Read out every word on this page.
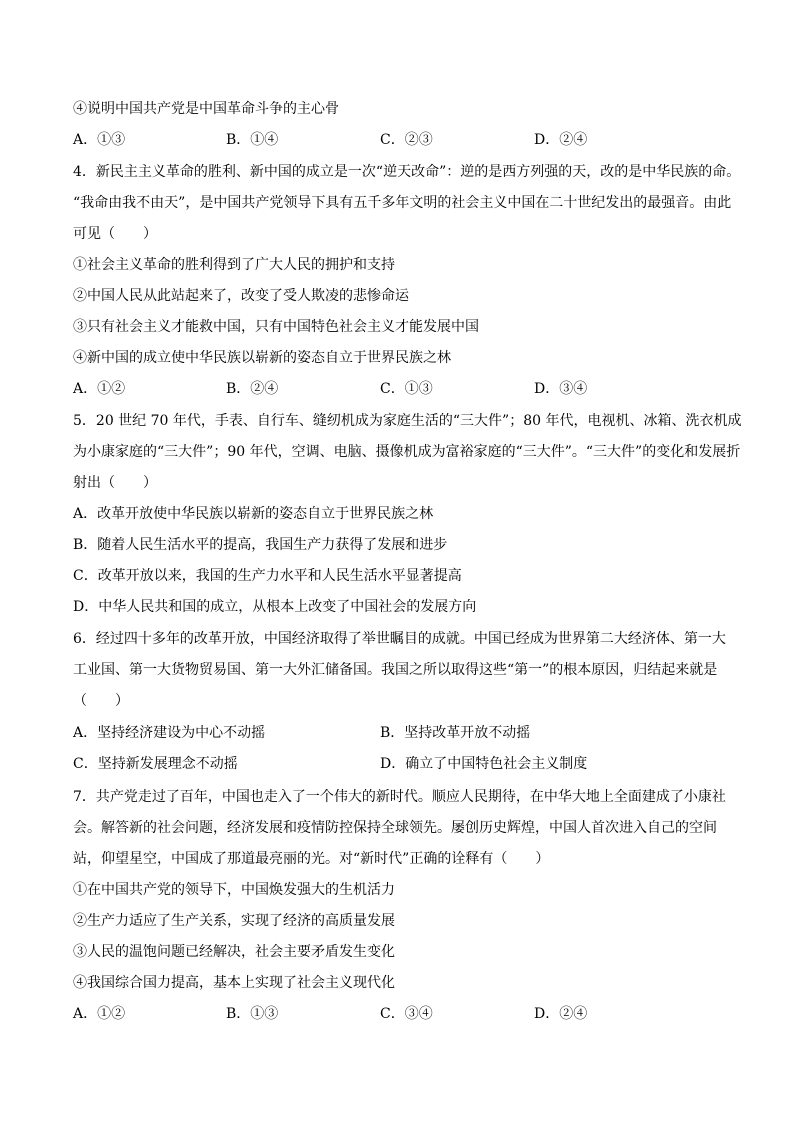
④说明中国共产党是中国革命斗争的主心骨
A．①③	B．①④	C．②③	D．②④
4．新民主主义革命的胜利、新中国的成立是一次“逆天改命”：逆的是西方列强的天，改的是中华民族的命。
“我命由我不由天”，是中国共产党领导下具有五千多年文明的社会主义中国在二十世纪发出的最强音。由此
可见（　　）
①社会主义革命的胜利得到了广大人民的拥护和支持
②中国人民从此站起来了，改变了受人欺凌的悲惨命运
③只有社会主义才能救中国，只有中国特色社会主义才能发展中国
④新中国的成立使中华民族以崭新的姿态自立于世界民族之林
A．①②	B．②④	C．①③	D．③④
5．20 世纪 70 年代，手表、自行车、缝纫机成为家庭生活的“三大件”；80 年代，电视机、冰箱、洗衣机成
为小康家庭的“三大件”；90 年代，空调、电脑、摄像机成为富裕家庭的“三大件”。“三大件”的变化和发展折
射出（　　）
A．改革开放使中华民族以崭新的姿态自立于世界民族之林
B．随着人民生活水平的提高，我国生产力获得了发展和进步
C．改革开放以来，我国的生产力水平和人民生活水平显著提高
D．中华人民共和国的成立，从根本上改变了中国社会的发展方向
6．经过四十多年的改革开放，中国经济取得了举世瞩目的成就。中国已经成为世界第二大经济体、第一大
工业国、第一大货物贸易国、第一大外汇储备国。我国之所以取得这些“第一”的根本原因，归结起来就是
（　　）
A．坚持经济建设为中心不动摇	B．坚持改革开放不动摇
C．坚持新发展理念不动摇	D．确立了中国特色社会主义制度
7．共产党走过了百年，中国也走入了一个伟大的新时代。顺应人民期待，在中华大地上全面建成了小康社
会。解答新的社会问题，经济发展和疫情防控保持全球领先。屡创历史辉煌，中国人首次进入自己的空间
站，仰望星空，中国成了那道最亮丽的光。对“新时代”正确的诠释有（　　）
①在中国共产党的领导下，中国焕发强大的生机活力
②生产力适应了生产关系，实现了经济的高质量发展
③人民的温饱问题已经解决，社会主要矛盾发生变化
④我国综合国力提高，基本上实现了社会主义现代化
A．①②	B．①③	C．③④	D．②④
